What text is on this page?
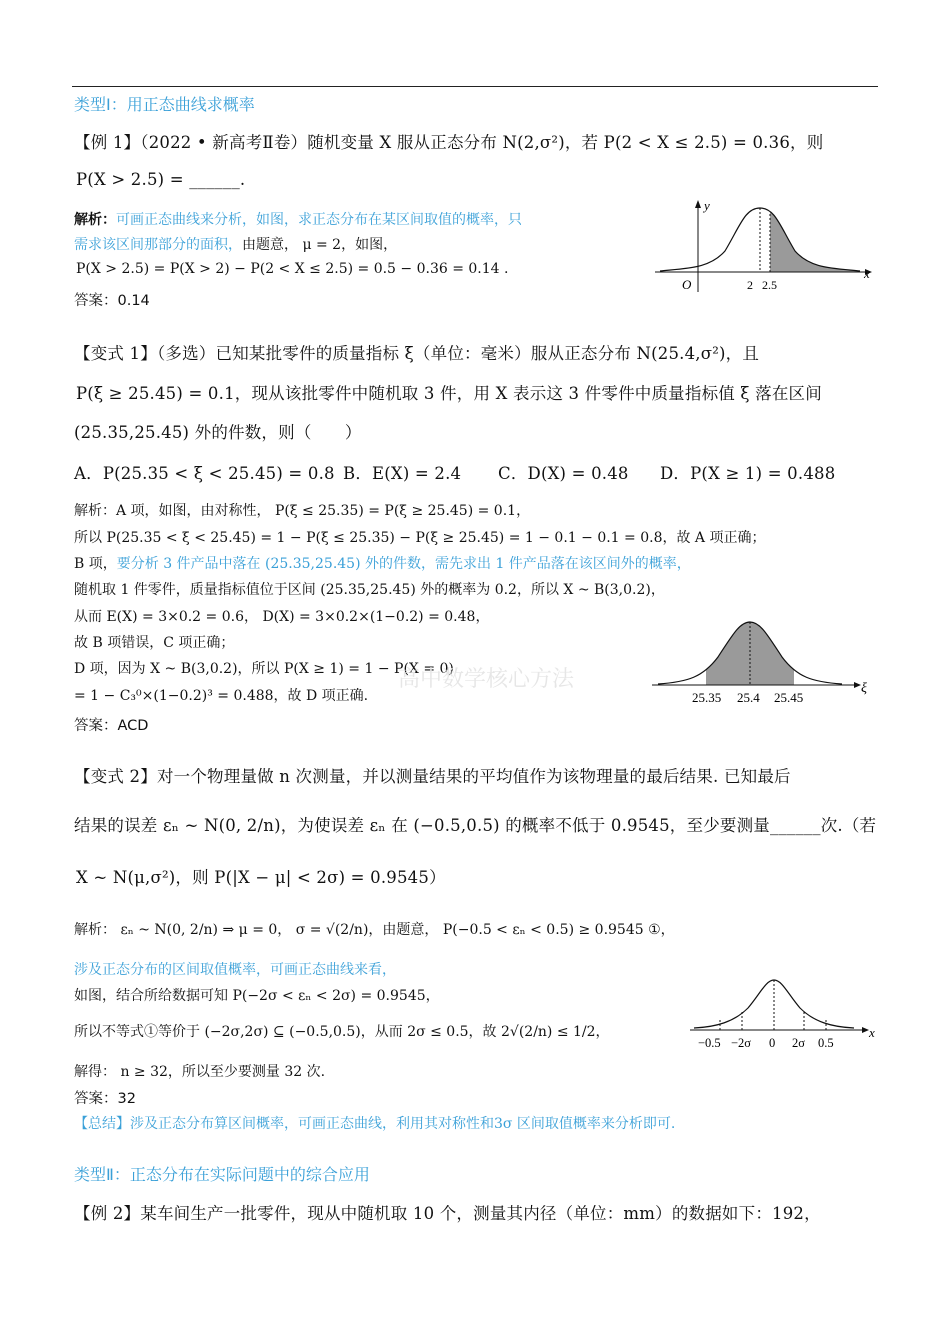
类型Ⅰ：用正态曲线求概率
【例 1】（2022 • 新高考Ⅱ卷）随机变量 X 服从正态分布 N(2,σ²)，若 P(2 < X ≤ 2.5) = 0.36，则
P(X > 2.5) = ______.
解析：可画正态曲线来分析，如图，求正态分布在某区间取值的概率，只
需求该区间那部分的面积，由题意， μ = 2，如图，
P(X > 2.5) = P(X > 2) − P(2 < X ≤ 2.5) = 0.5 − 0.36 = 0.14 .
答案：0.14
y
x
O	2 2.5
【变式 1】（多选）已知某批零件的质量指标 ξ（单位：毫米）服从正态分布 N(25.4,σ²)，且
P(ξ ≥ 25.45) = 0.1，现从该批零件中随机取 3 件，用 X 表示这 3 件零件中质量指标值 ξ 落在区间
(25.35,25.45) 外的件数，则（　　）
A．P(25.35 < ξ < 25.45) = 0.8 B．E(X) = 2.4 C．D(X) = 0.48 D．P(X ≥ 1) = 0.488
解析：A 项，如图，由对称性， P(ξ ≤ 25.35) = P(ξ ≥ 25.45) = 0.1，
所以 P(25.35 < ξ < 25.45) = 1 − P(ξ ≤ 25.35) − P(ξ ≥ 25.45) = 1 − 0.1 − 0.1 = 0.8，故 A 项正确；
B 项，要分析 3 件产品中落在 (25.35,25.45) 外的件数，需先求出 1 件产品落在该区间外的概率，
随机取 1 件零件，质量指标值位于区间 (25.35,25.45) 外的概率为 0.2，所以 X ~ B(3,0.2)，
从而 E(X) = 3×0.2 = 0.6， D(X) = 3×0.2×(1−0.2) = 0.48，
故 B 项错误，C 项正确；
D 项，因为 X ~ B(3,0.2)，所以 P(X ≥ 1) = 1 − P(X = 0)
= 1 − C₃⁰×(1−0.2)³ = 0.488，故 D 项正确.
答案：ACD
高中数学核心方法	ξ
25.35 25.4 25.45
【变式 2】对一个物理量做 n 次测量，并以测量结果的平均值作为该物理量的最后结果. 已知最后
结果的误差 εₙ ~ N(0, 2/n)，为使误差 εₙ 在 (−0.5,0.5) 的概率不低于 0.9545，至少要测量______次.（若
X ~ N(μ,σ²)，则 P(|X − μ| < 2σ) = 0.9545）
解析： εₙ ~ N(0, 2/n) ⇒ μ = 0， σ = √(2/n)，由题意， P(−0.5 < εₙ < 0.5) ≥ 0.9545 ①，
涉及正态分布的区间取值概率，可画正态曲线来看，
如图，结合所给数据可知 P(−2σ < εₙ < 2σ) = 0.9545，
所以不等式①等价于 (−2σ,2σ) ⊆ (−0.5,0.5)，从而 2σ ≤ 0.5，故 2√(2/n) ≤ 1/2，
解得： n ≥ 32，所以至少要测量 32 次.
答案：32
【总结】涉及正态分布算区间概率，可画正态曲线，利用其对称性和3σ 区间取值概率来分析即可.
x
−0.5 −2σ 0 2σ 0.5
类型Ⅱ：正态分布在实际问题中的综合应用
【例 2】某车间生产一批零件，现从中随机取 10 个，测量其内径（单位：mm）的数据如下：192，
